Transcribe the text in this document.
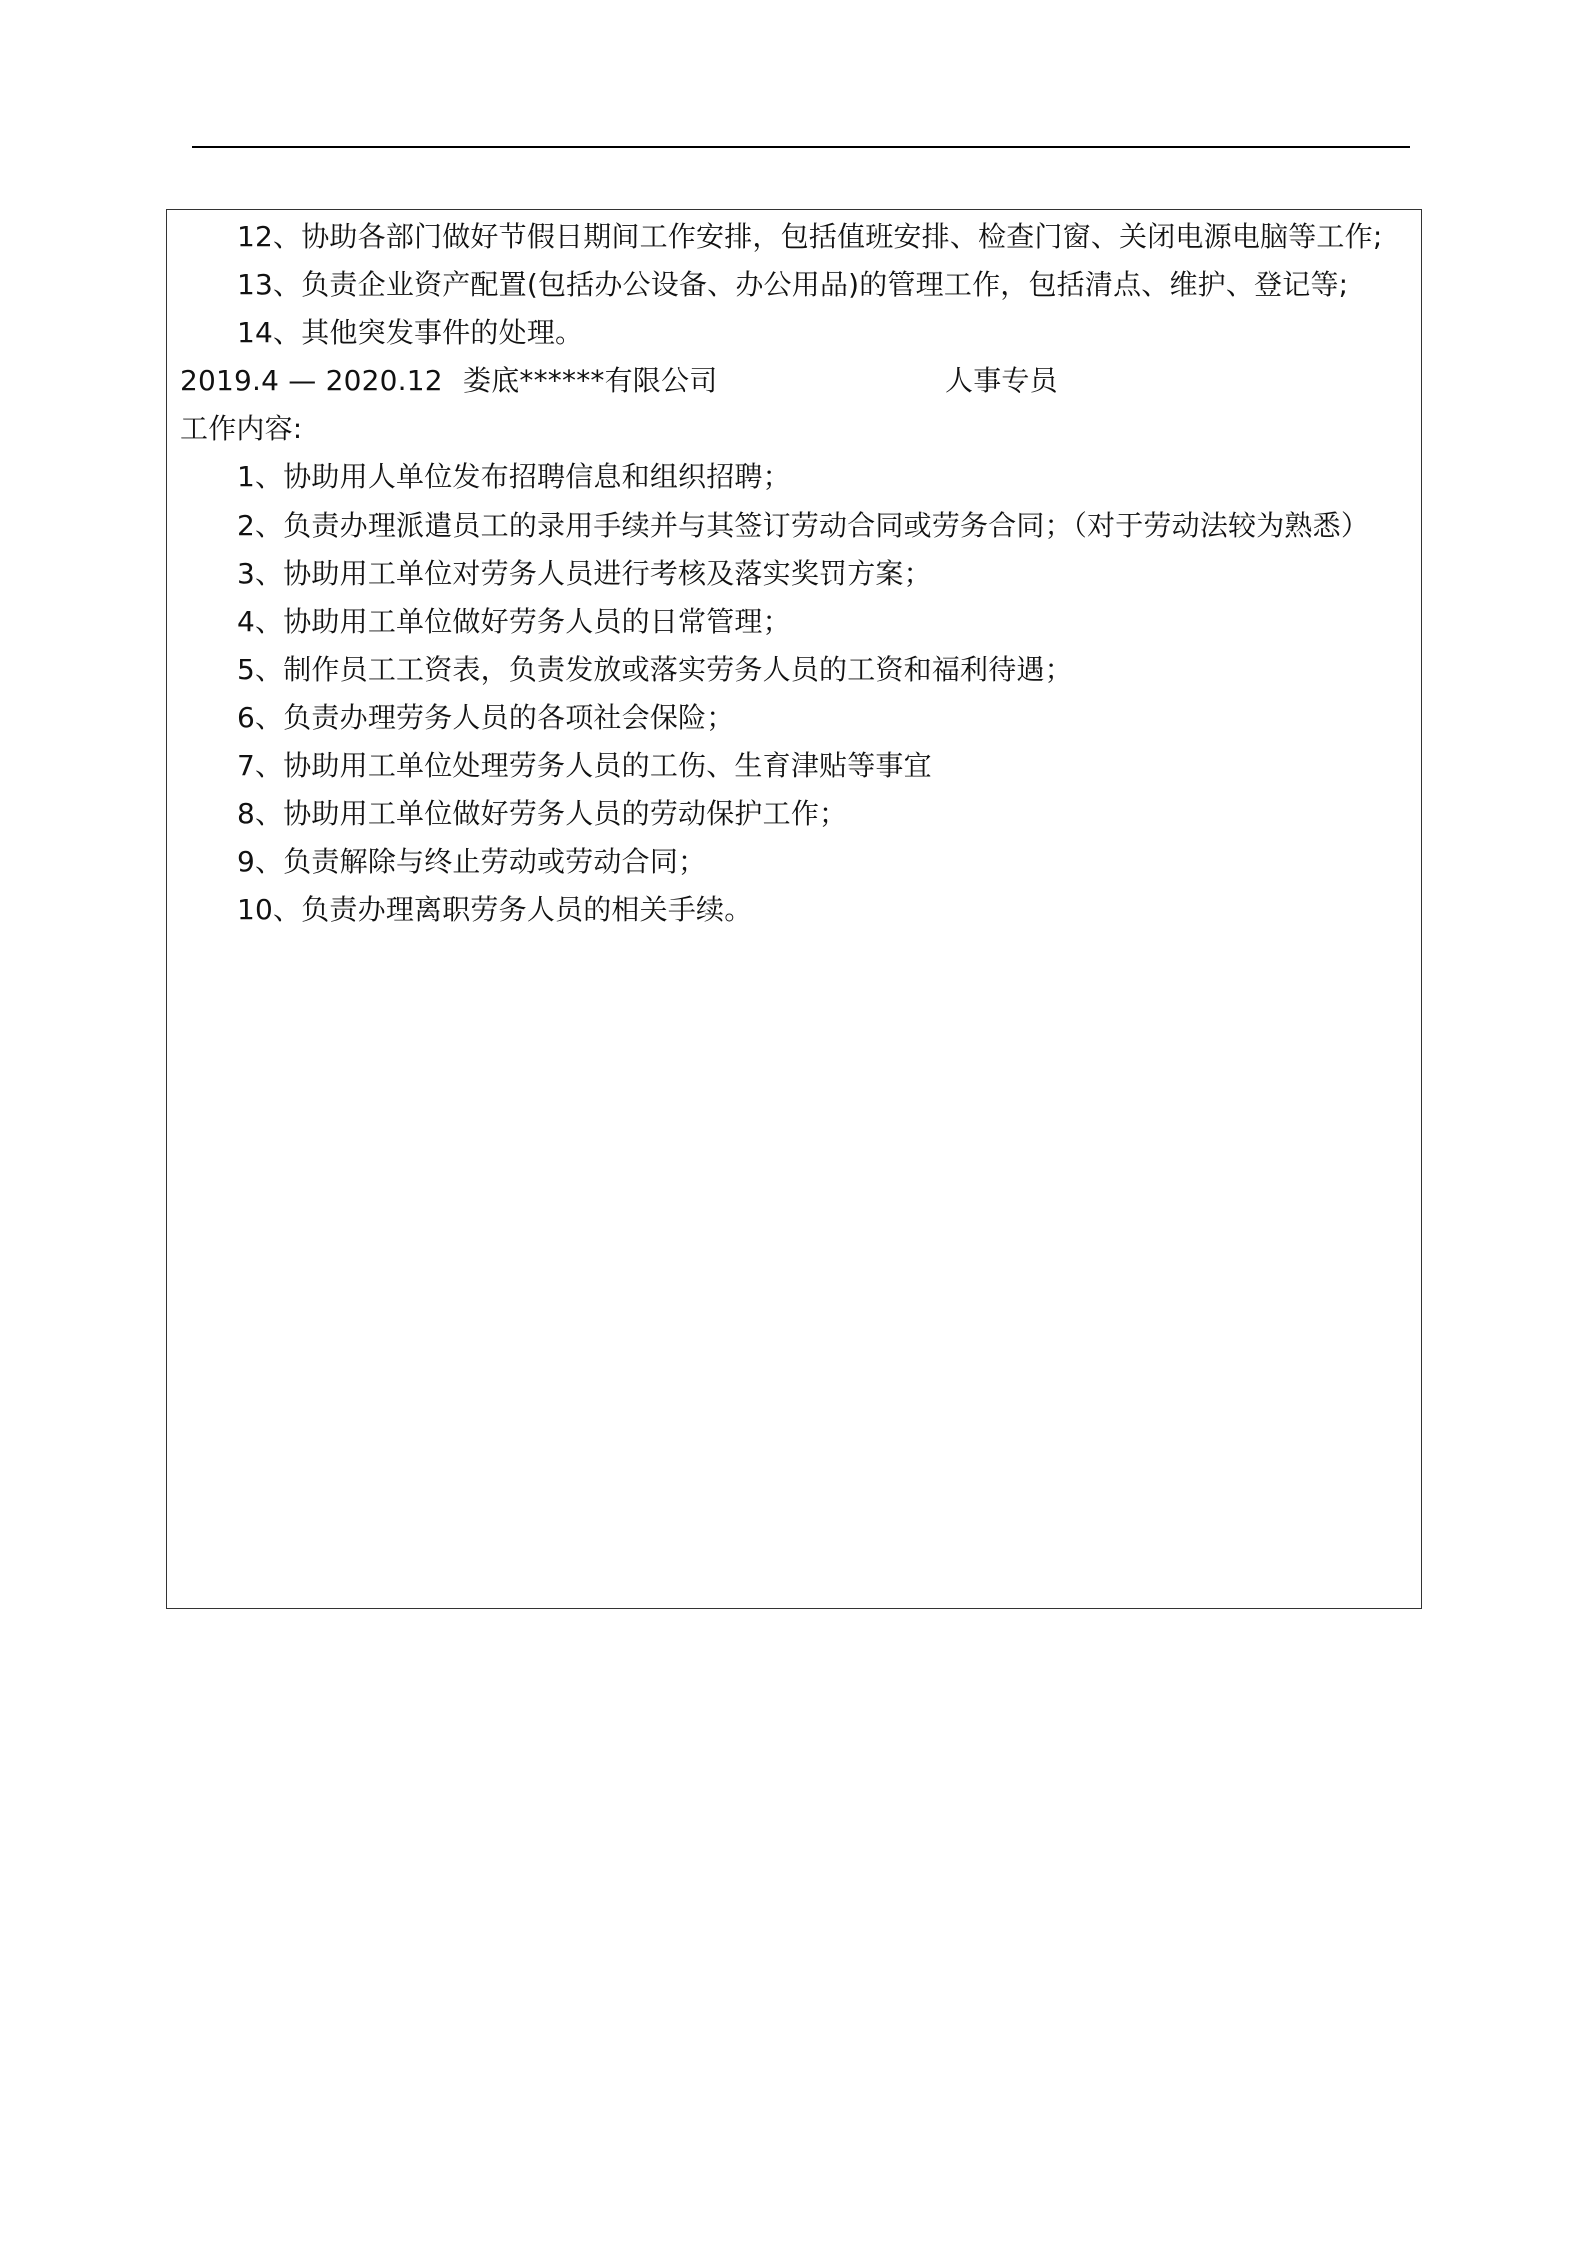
12、协助各部门做好节假日期间工作安排，包括值班安排、检查门窗、关闭电源电脑等工作;
13、负责企业资产配置(包括办公设备、办公用品)的管理工作，包括清点、维护、登记等;
14、其他突发事件的处理。
2019.4 — 2020.12 娄底******有限公司	人事专员
工作内容:
1、协助用人单位发布招聘信息和组织招聘；
2、负责办理派遣员工的录用手续并与其签订劳动合同或劳务合同；（对于劳动法较为熟悉）
3、协助用工单位对劳务人员进行考核及落实奖罚方案；
4、协助用工单位做好劳务人员的日常管理；
5、制作员工工资表，负责发放或落实劳务人员的工资和福利待遇；
6、负责办理劳务人员的各项社会保险；
7、协助用工单位处理劳务人员的工伤、生育津贴等事宜
8、协助用工单位做好劳务人员的劳动保护工作；
9、负责解除与终止劳动或劳动合同；
10、负责办理离职劳务人员的相关手续。
